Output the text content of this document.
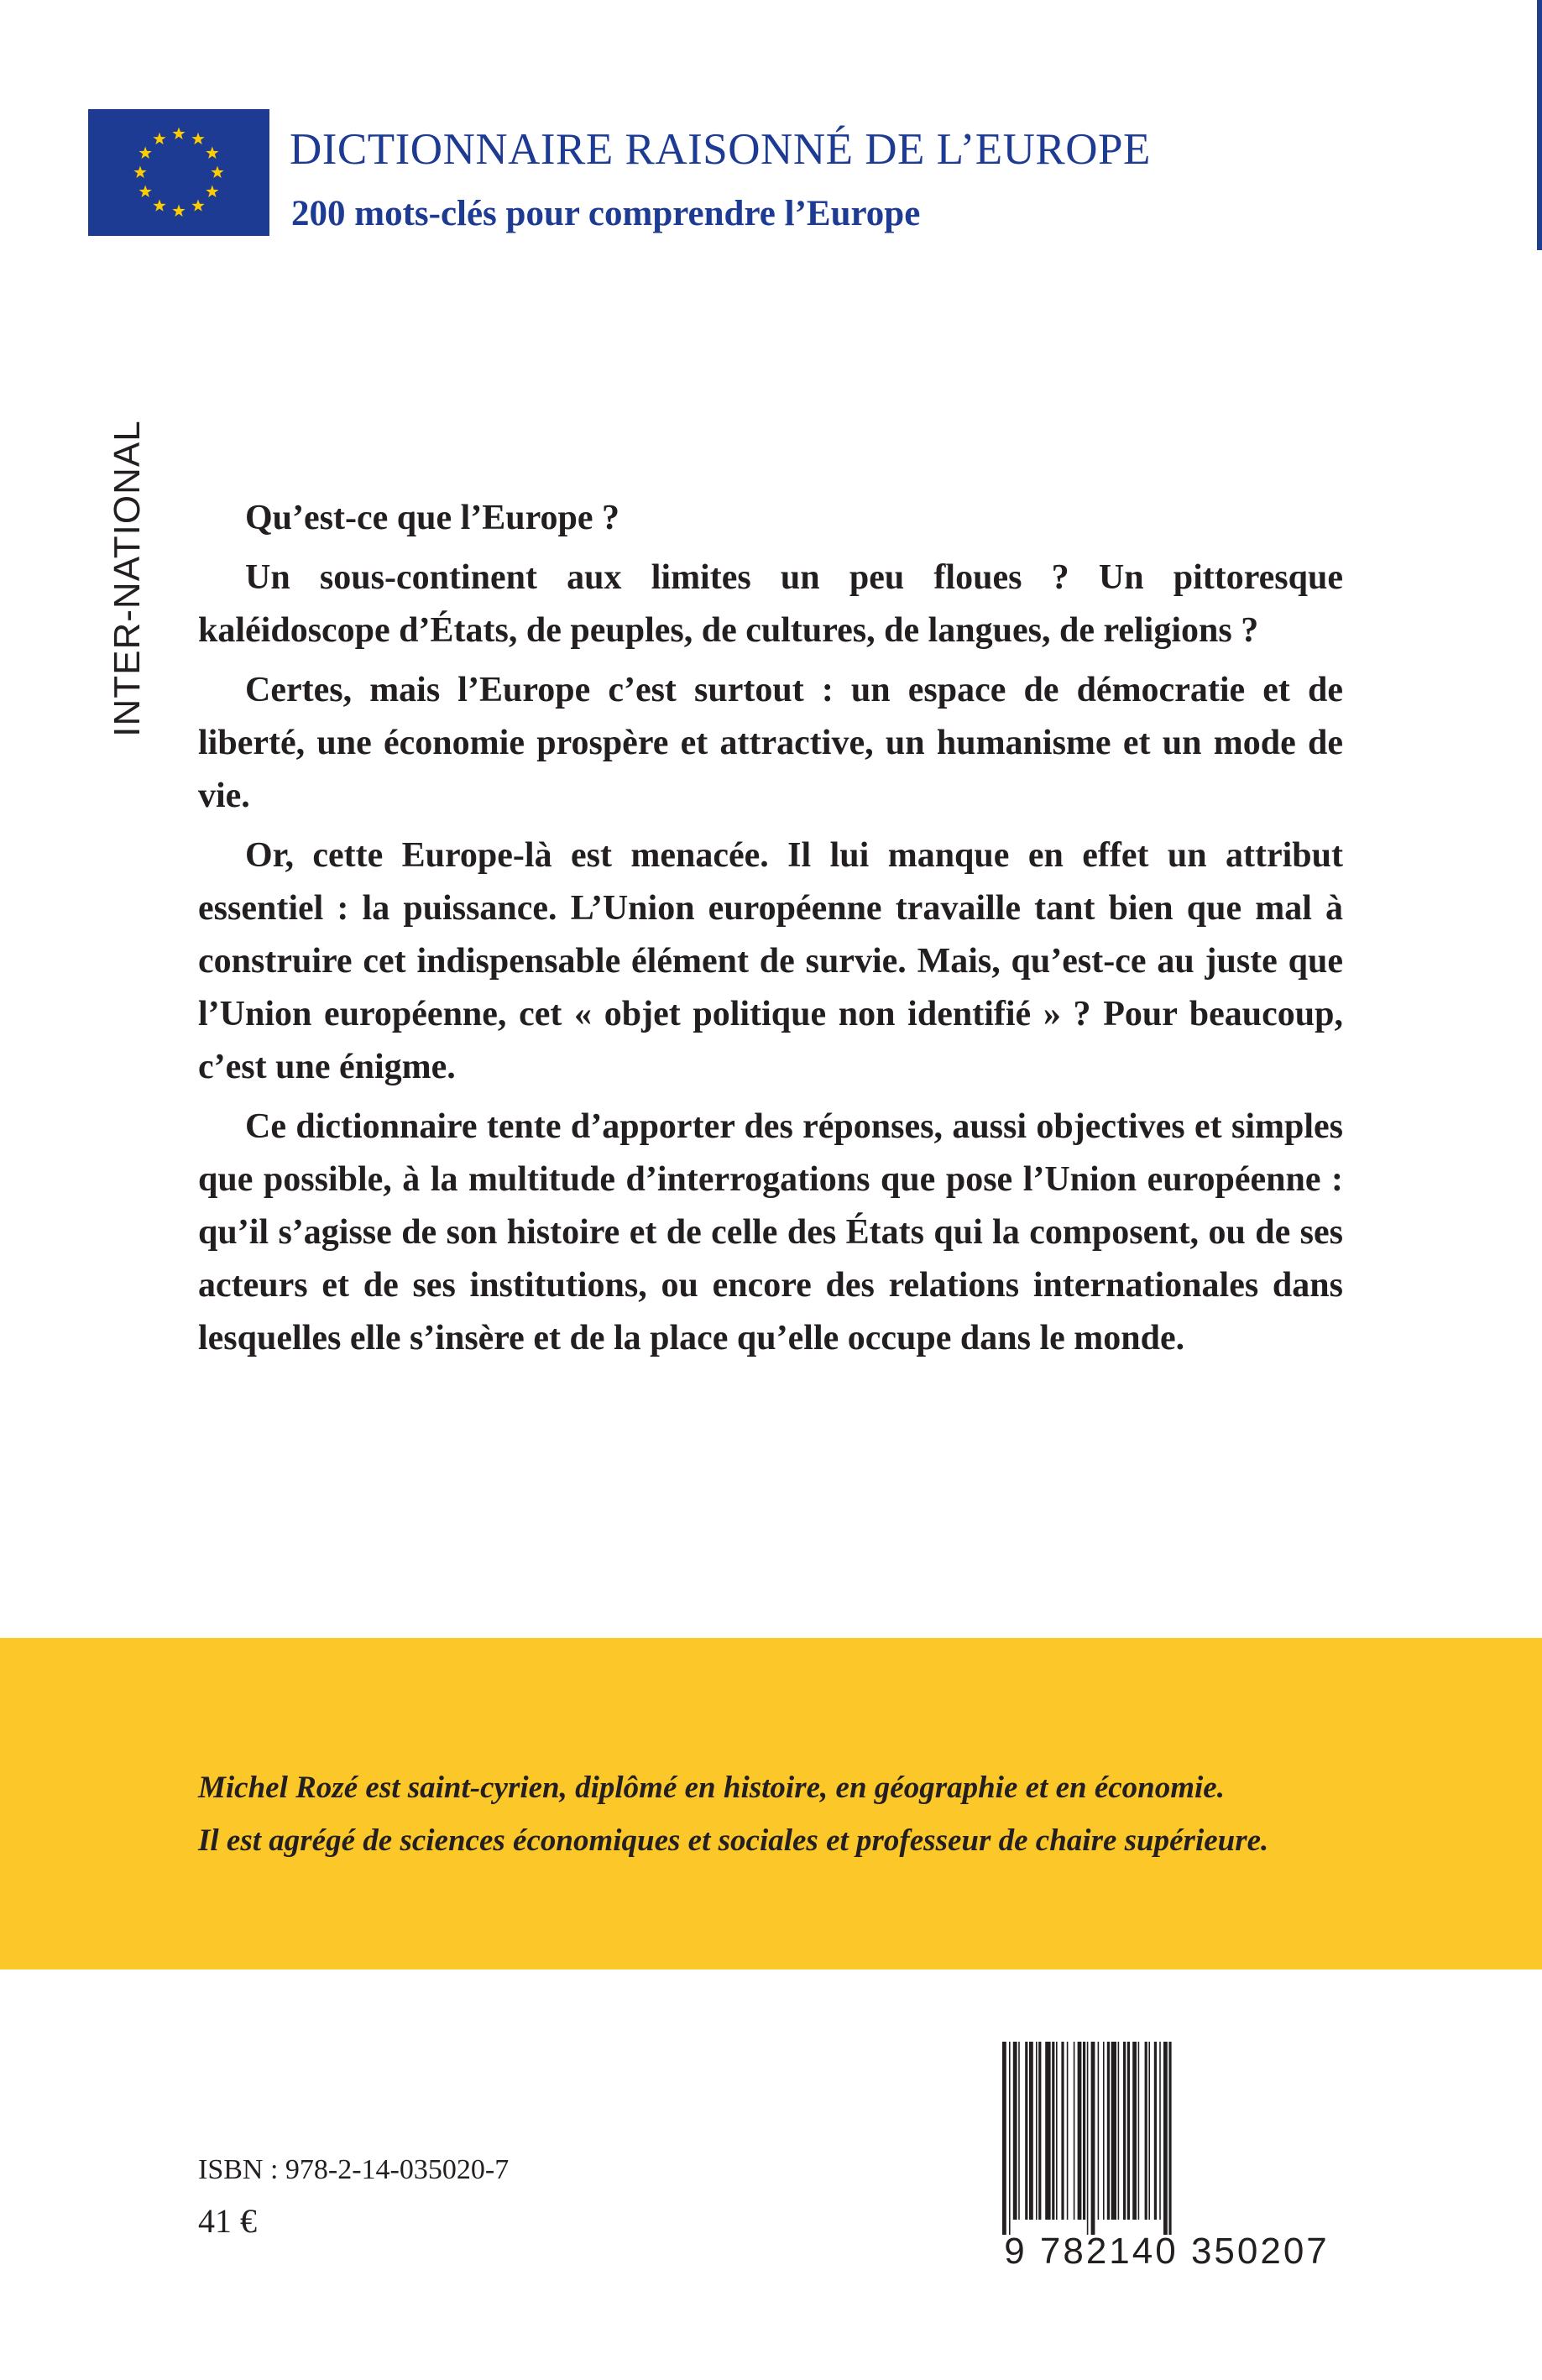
INTER-NATIONAL
DICTIONNAIRE RAISONNÉ DE L’EUROPE
200 mots-clés pour comprendre l’Europe

Qu’est-ce que l’Europe ?

Un sous-continent aux limites un peu floues ? Un pittoresque kaléidoscope d’États, de peuples, de cultures, de langues, de religions ?

Certes, mais l’Europe c’est surtout : un espace de démocratie et de liberté, une économie prospère et attractive, un humanisme et un mode de vie.

Or, cette Europe-là est menacée. Il lui manque en effet un attribut essentiel : la puissance. L’Union européenne travaille tant bien que mal à construire cet indispensable élément de survie. Mais, qu’est-ce au juste que l’Union européenne, cet « objet politique non identifié » ? Pour beaucoup, c’est une énigme.

Ce dictionnaire tente d’apporter des réponses, aussi objectives et simples que possible, à la multitude d’interrogations que pose l’Union européenne : qu’il s’agisse de son histoire et de celle des États qui la composent, ou de ses acteurs et de ses institutions, ou encore des relations internationales dans lesquelles elle s’insère et de la place qu’elle occupe dans le monde.

Michel Rozé est saint-cyrien, diplômé en histoire, en géographie et en économie.
Il est agrégé de sciences économiques et sociales et professeur de chaire supérieure.
ISBN : 978-2-14-035020-7
41 €
9 782140 350207
